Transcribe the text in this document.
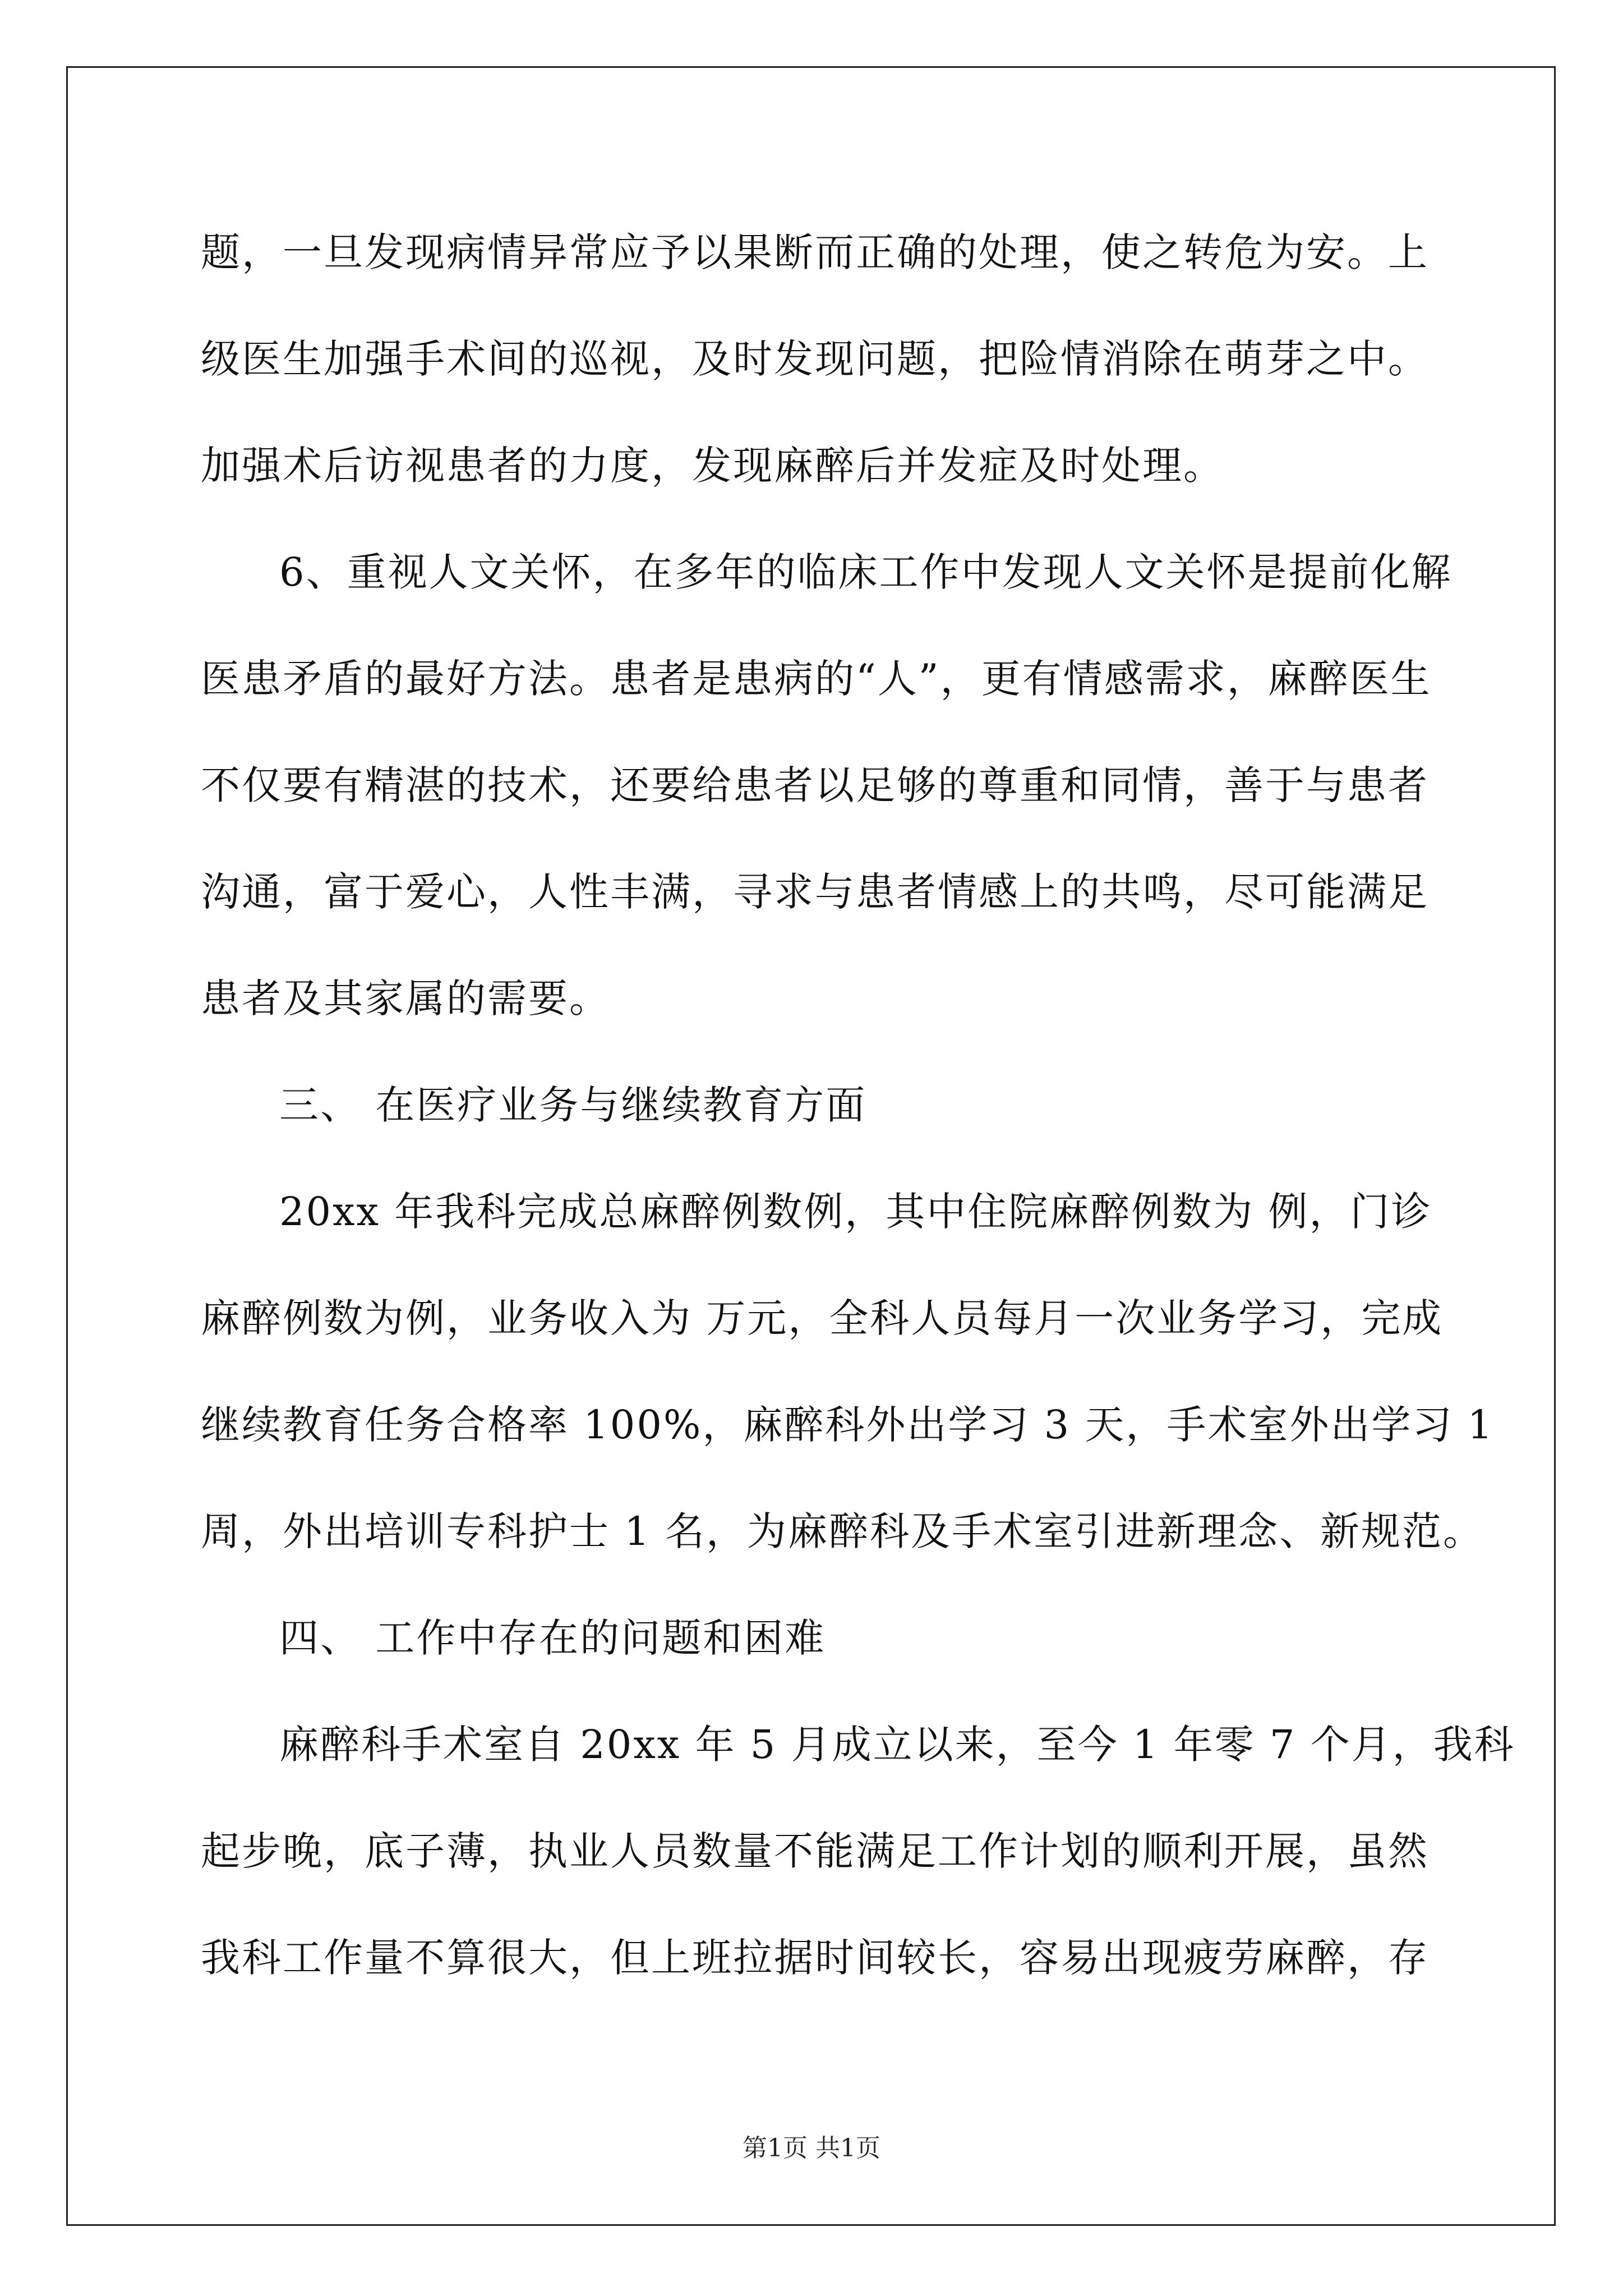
题，一旦发现病情异常应予以果断而正确的处理，使之转危为安。上
级医生加强手术间的巡视，及时发现问题，把险情消除在萌芽之中。
加强术后访视患者的力度，发现麻醉后并发症及时处理。
6、重视人文关怀，在多年的临床工作中发现人文关怀是提前化解
医患矛盾的最好方法。患者是患病的“人”，更有情感需求，麻醉医生
不仅要有精湛的技术，还要给患者以足够的尊重和同情，善于与患者
沟通，富于爱心，人性丰满，寻求与患者情感上的共鸣，尽可能满足
患者及其家属的需要。
三、 在医疗业务与继续教育方面
20xx 年我科完成总麻醉例数例，其中住院麻醉例数为 例，门诊
麻醉例数为例，业务收入为 万元，全科人员每月一次业务学习，完成
继续教育任务合格率 100%，麻醉科外出学习 3 天，手术室外出学习 1
周，外出培训专科护士 1 名，为麻醉科及手术室引进新理念、新规范。
四、 工作中存在的问题和困难
麻醉科手术室自 20xx 年 5 月成立以来，至今 1 年零 7 个月，我科
起步晚，底子薄，执业人员数量不能满足工作计划的顺利开展，虽然
我科工作量不算很大，但上班拉据时间较长，容易出现疲劳麻醉，存
第1页 共1页
